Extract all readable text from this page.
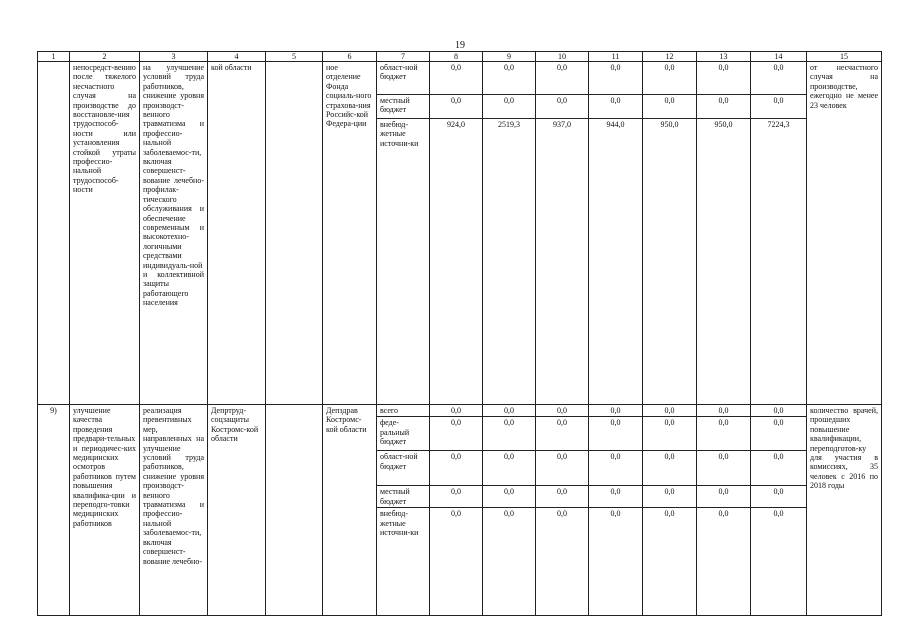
19
1	2	3	4	5	6	7	8	9	10	11	12	13	14	15
	непосредст-вению после тяжелого несчастного случая на производстве до восстановле-ния трудоспособ-ности или установления стойкой утраты профессио-нальной трудоспособ-ности	на улучшение условий труда работников, снижение уровня производст-венного травматизма и профессио-нальной заболеваемос-ти, включая совершенст-вование лечебно-профилак-тического обслуживания и обеспечение современным и высокотехно-логичными средствами индивидуаль-ной и коллективной защиты работающего населения	кой области		ное отделение Фонда социаль-ного страхова-ния Российс-кой Федера-ции	област-ной бюджет	0,0	0,0	0,0	0,0	0,0	0,0	0,0	от несчастного случая на производстве, ежегодно не менее 23 человек
						местный бюджет	0,0	0,0	0,0	0,0	0,0	0,0	0,0	
						внебюд-жетные источни-ки	924,0	2519,3	937,0	944,0	950,0	950,0	7224,3	
9)	улучшение качества проведения предвари-тельных и периодичес-ких медицинских осмотров работников путем повышения квалифика-ции и переподго-товки медицинских работников	реализация превентивных мер, направленных на улучшение условий труда работников, снижение уровня производст-венного травматизма и профессио-нальной заболеваемос-ти, включая совершенст-вование лечебно-	Депртруд-соцзащиты Костромс-кой области		Депздрав Костромс-кой области	всего	0,0	0,0	0,0	0,0	0,0	0,0	0,0	количество врачей, прошедших повышение квалификации, переподготов-ку для участия в комиссиях, 35 человек с 2016 по 2018 годы
						феде-ральный бюджет	0,0	0,0	0,0	0,0	0,0	0,0	0,0	
						област-ной бюджет	0,0	0,0	0,0	0,0	0,0	0,0	0,0	
						местный бюджет	0,0	0,0	0,0	0,0	0,0	0,0	0,0	
						внебюд-жетные источни-ки	0,0	0,0	0,0	0,0	0,0	0,0	0,0	
